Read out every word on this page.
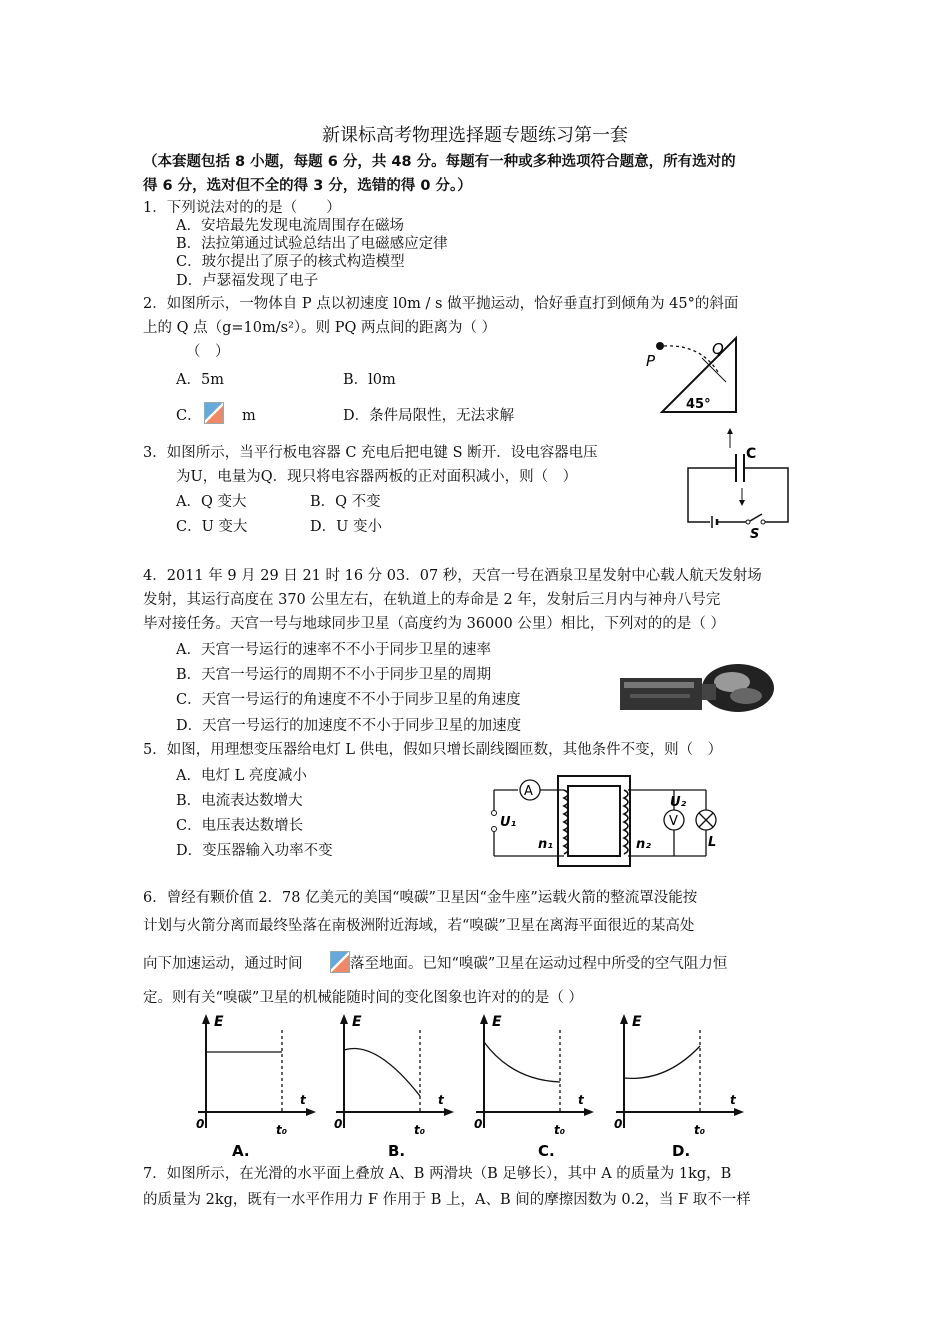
新课标高考物理选择题专题练习第一套
（本套题包括 8 小题，每题 6 分，共 48 分。每题有一种或多种选项符合题意，所有选对的
得 6 分，选对但不全的得 3 分，选错的得 0 分。）
1．下列说法对的的是（　　）
A．安培最先发现电流周围存在磁场
B．法拉第通过试验总结出了电磁感应定律
C．玻尔提出了原子的核式构造模型
D．卢瑟福发现了电子
2．如图所示，一物体自 P 点以初速度 l0m / s 做平抛运动，恰好垂直打到倾角为 45°的斜面
上的 Q 点（g=10m/s²）。则 PQ 两点间的距离为（ ）
（　）
A．5m	B．l0m
C．	m	D．条件局限性，无法求解
P
Q
45°
3．如图所示，当平行板电容器 C 充电后把电键 S 断开．设电容器电压
为U，电量为Q．现只将电容器两板的正对面积减小，则（　）
A．Q 变大	B．Q 不变
C．U 变大	D．U 变小
C
S
4．2011 年 9 月 29 日 21 时 16 分 03．07 秒，天宫一号在酒泉卫星发射中心载人航天发射场
发射，其运行高度在 370 公里左右，在轨道上的寿命是 2 年，发射后三月内与神舟八号完
毕对接任务。天宫一号与地球同步卫星（高度约为 36000 公里）相比，下列对的的是（ ）
A．天宫一号运行的速率不不小于同步卫星的速率
B．天宫一号运行的周期不不小于同步卫星的周期
C．天宫一号运行的角速度不不小于同步卫星的角速度
D．天宫一号运行的加速度不不小于同步卫星的加速度
5．如图，用理想变压器给电灯 L 供电，假如只增长副线圈匝数，其他条件不变，则（　）
A．电灯 L 亮度减小
B．电流表达数增大
C．电压表达数增长
D．变压器输入功率不变
A
V
U₁
U₂
n₁	n₂	L
6．曾经有颗价值 2．78 亿美元的美国“嗅碳”卫星因“金牛座”运载火箭的整流罩没能按
计划与火箭分离而最终坠落在南极洲附近海域，若“嗅碳”卫星在离海平面很近的某高处
向下加速运动，通过时间	落至地面。已知“嗅碳”卫星在运动过程中所受的空气阻力恒
定。则有关“嗅碳”卫星的机械能随时间的变化图象也许对的的是（ ）
E
t
0	t₀
A.
E
t
0	t₀
B.
E
t
0	t₀
C.
E
t
0	t₀
D.
7．如图所示，在光滑的水平面上叠放 A、B 两滑块（B 足够长），其中 A 的质量为 1kg，B
的质量为 2kg，既有一水平作用力 F 作用于 B 上，A、B 间的摩擦因数为 0.2，当 F 取不一样
